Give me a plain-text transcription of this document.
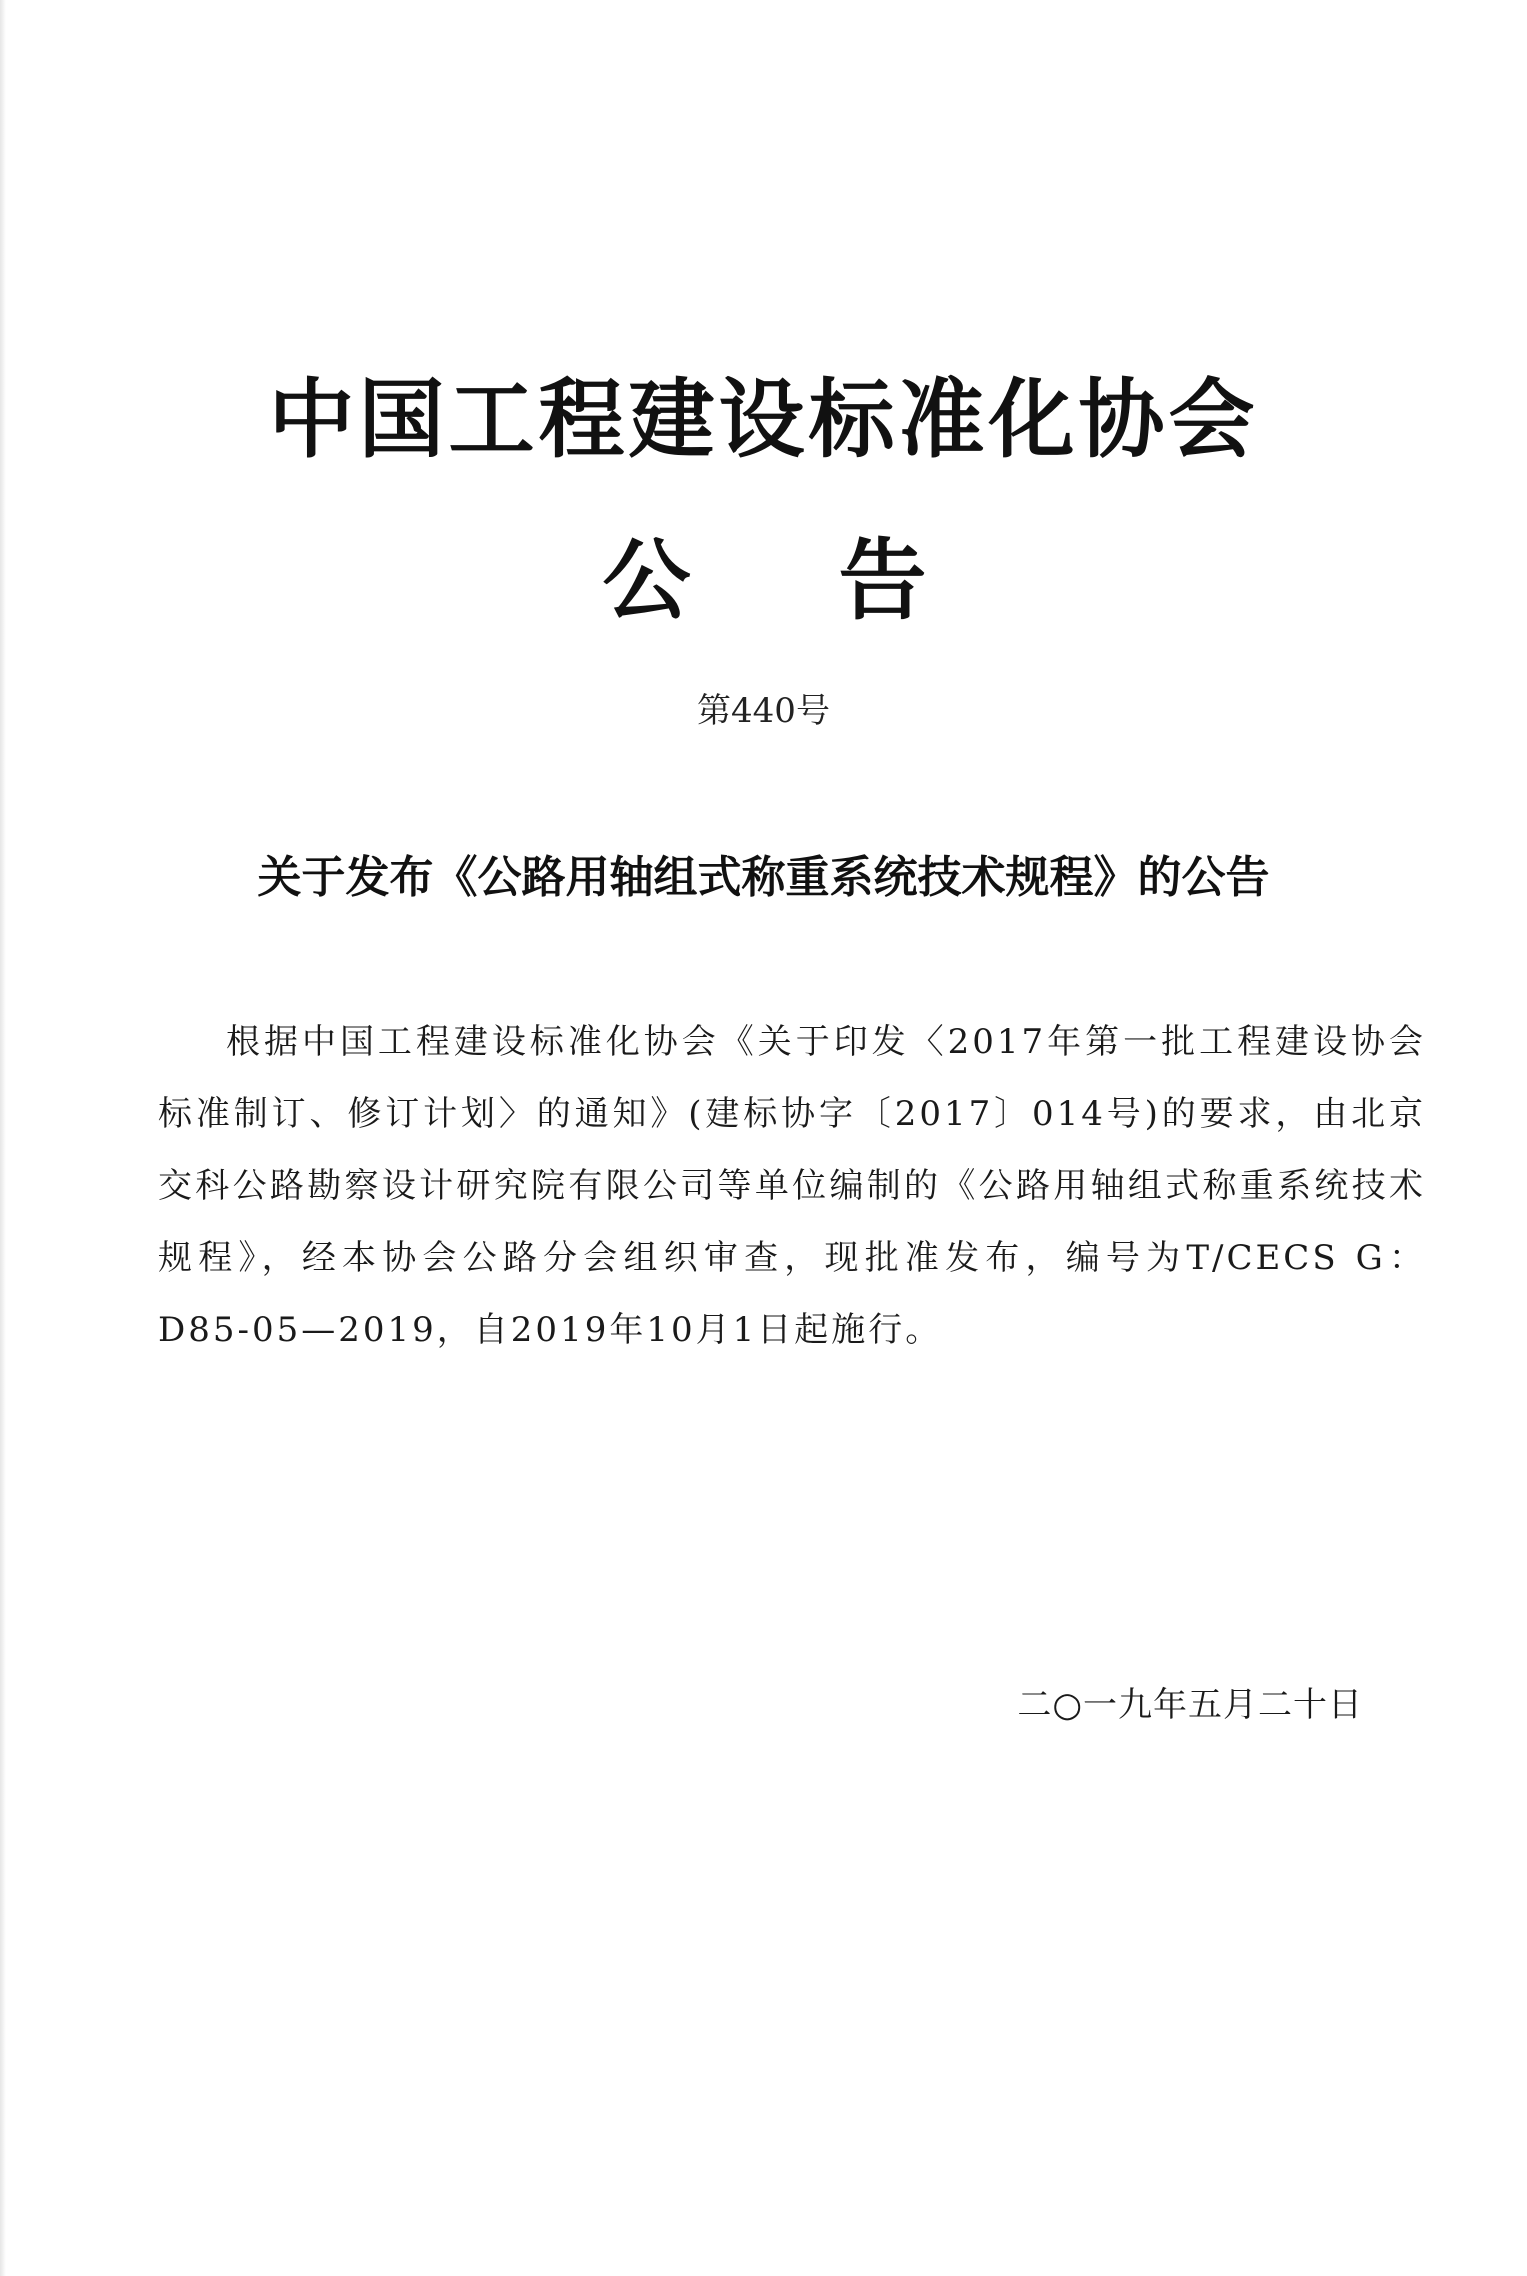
中国工程建设标准化协会
公 告
第440号
关于发布《公路用轴组式称重系统技术规程》的公告
根据中国工程建设标准化协会《关于印发〈2017年第一批工程建设协会标准制订、修订计划〉的通知》(建标协字〔2017〕014号)的要求，由北京交科公路勘察设计研究院有限公司等单位编制的《公路用轴组式称重系统技术规程》，经本协会公路分会组织审查，现批准发布，编号为T/CECS G：D85-05—2019，自2019年10月1日起施行。
二○一九年五月二十日
